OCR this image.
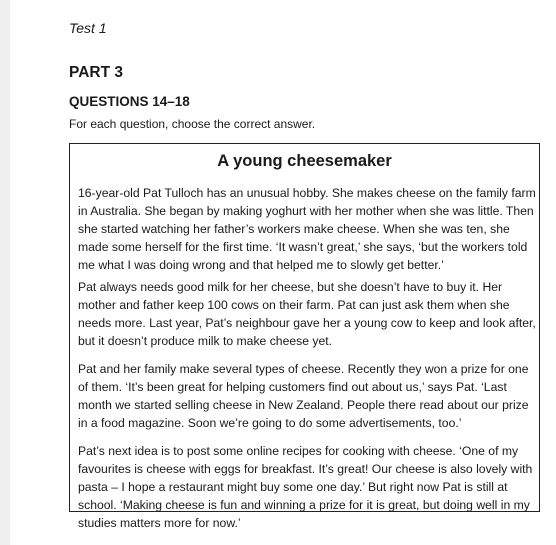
Test 1
PART 3
QUESTIONS 14–18
For each question, choose the correct answer.
A young cheesemaker

16-year-old Pat Tulloch has an unusual hobby. She makes cheese on the family farm in Australia. She began by making yoghurt with her mother when she was little. Then she started watching her father’s workers make cheese. When she was ten, she made some herself for the first time. ‘It wasn’t great,’ she says, ‘but the workers told me what I was doing wrong and that helped me to slowly get better.’

Pat always needs good milk for her cheese, but she doesn’t have to buy it. Her mother and father keep 100 cows on their farm. Pat can just ask them when she needs more. Last year, Pat’s neighbour gave her a young cow to keep and look after, but it doesn’t produce milk to make cheese yet.

Pat and her family make several types of cheese. Recently they won a prize for one of them. ‘It’s been great for helping customers find out about us,’ says Pat. ‘Last month we started selling cheese in New Zealand. People there read about our prize in a food magazine. Soon we’re going to do some advertisements, too.’

Pat’s next idea is to post some online recipes for cooking with cheese. ‘One of my favourites is cheese with eggs for breakfast. It’s great! Our cheese is also lovely with pasta – I hope a restaurant might buy some one day.’ But right now Pat is still at school. ‘Making cheese is fun and winning a prize for it is great, but doing well in my studies matters more for now.’
